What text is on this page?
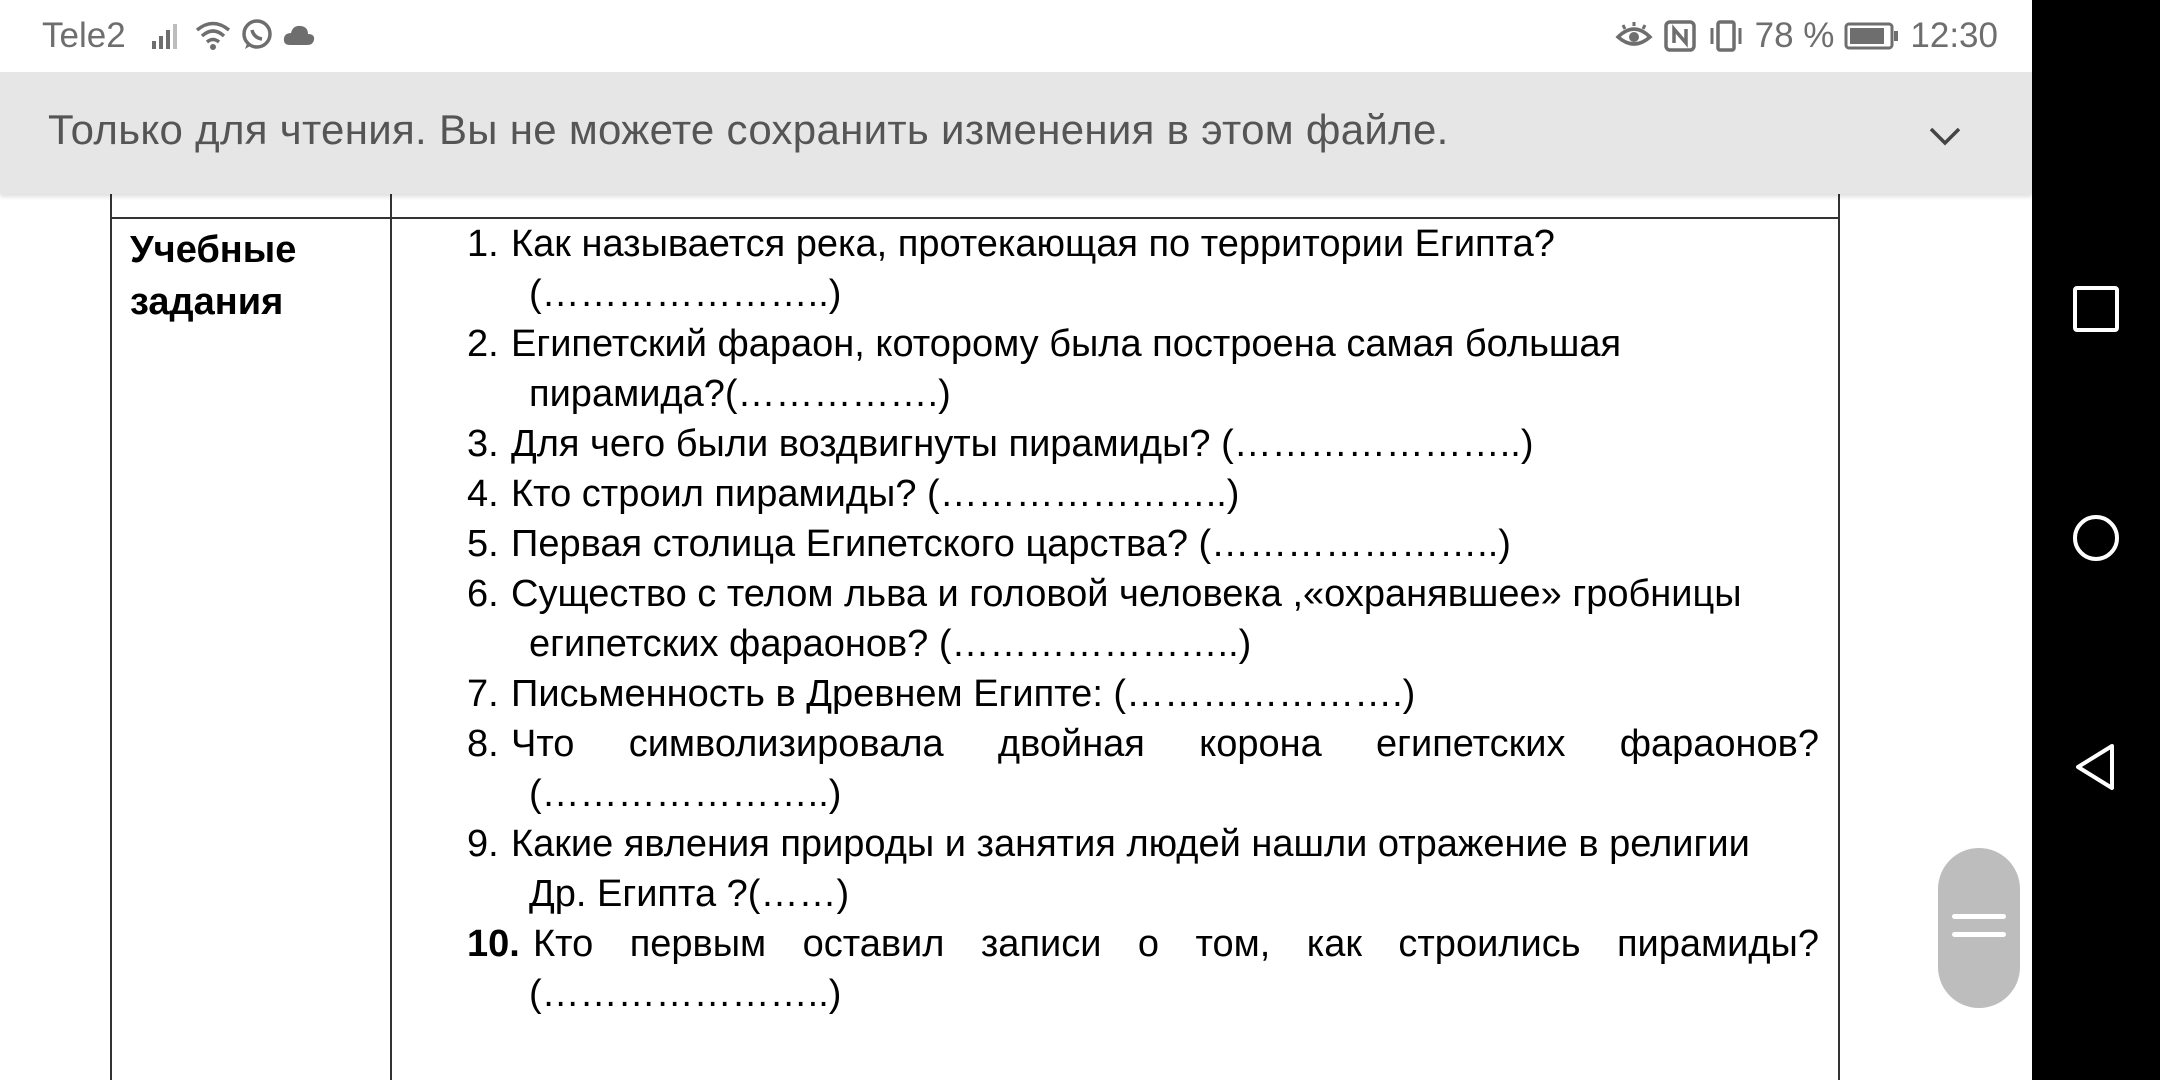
Tele2	78 % 12:30
Только для чтения. Вы не можете сохранить изменения в этом файле.
Учебные задания
1. Как называется река, протекающая по территории Египта?
(…………………..)
2. Египетский фараон, которому была построена самая большая
пирамида?(…………….)
3. Для чего были воздвигнуты пирамиды? (…………………..)
4. Кто строил пирамиды? (…………………..)
5. Первая столица Египетского царства? (…………………..)
6. Существо с телом льва и головой человека ,«охранявшее» гробницы
египетских фараонов? (…………………..)
7. Письменность в Древнем Египте: (………………….)
8. Что символизировала двойная корона египетских фараонов?
(…………………..)
9. Какие явления природы и занятия людей нашли отражение в религии
Др. Египта ?(……)
10. Кто первым оставил записи о том, как строились пирамиды?
(…………………..)
